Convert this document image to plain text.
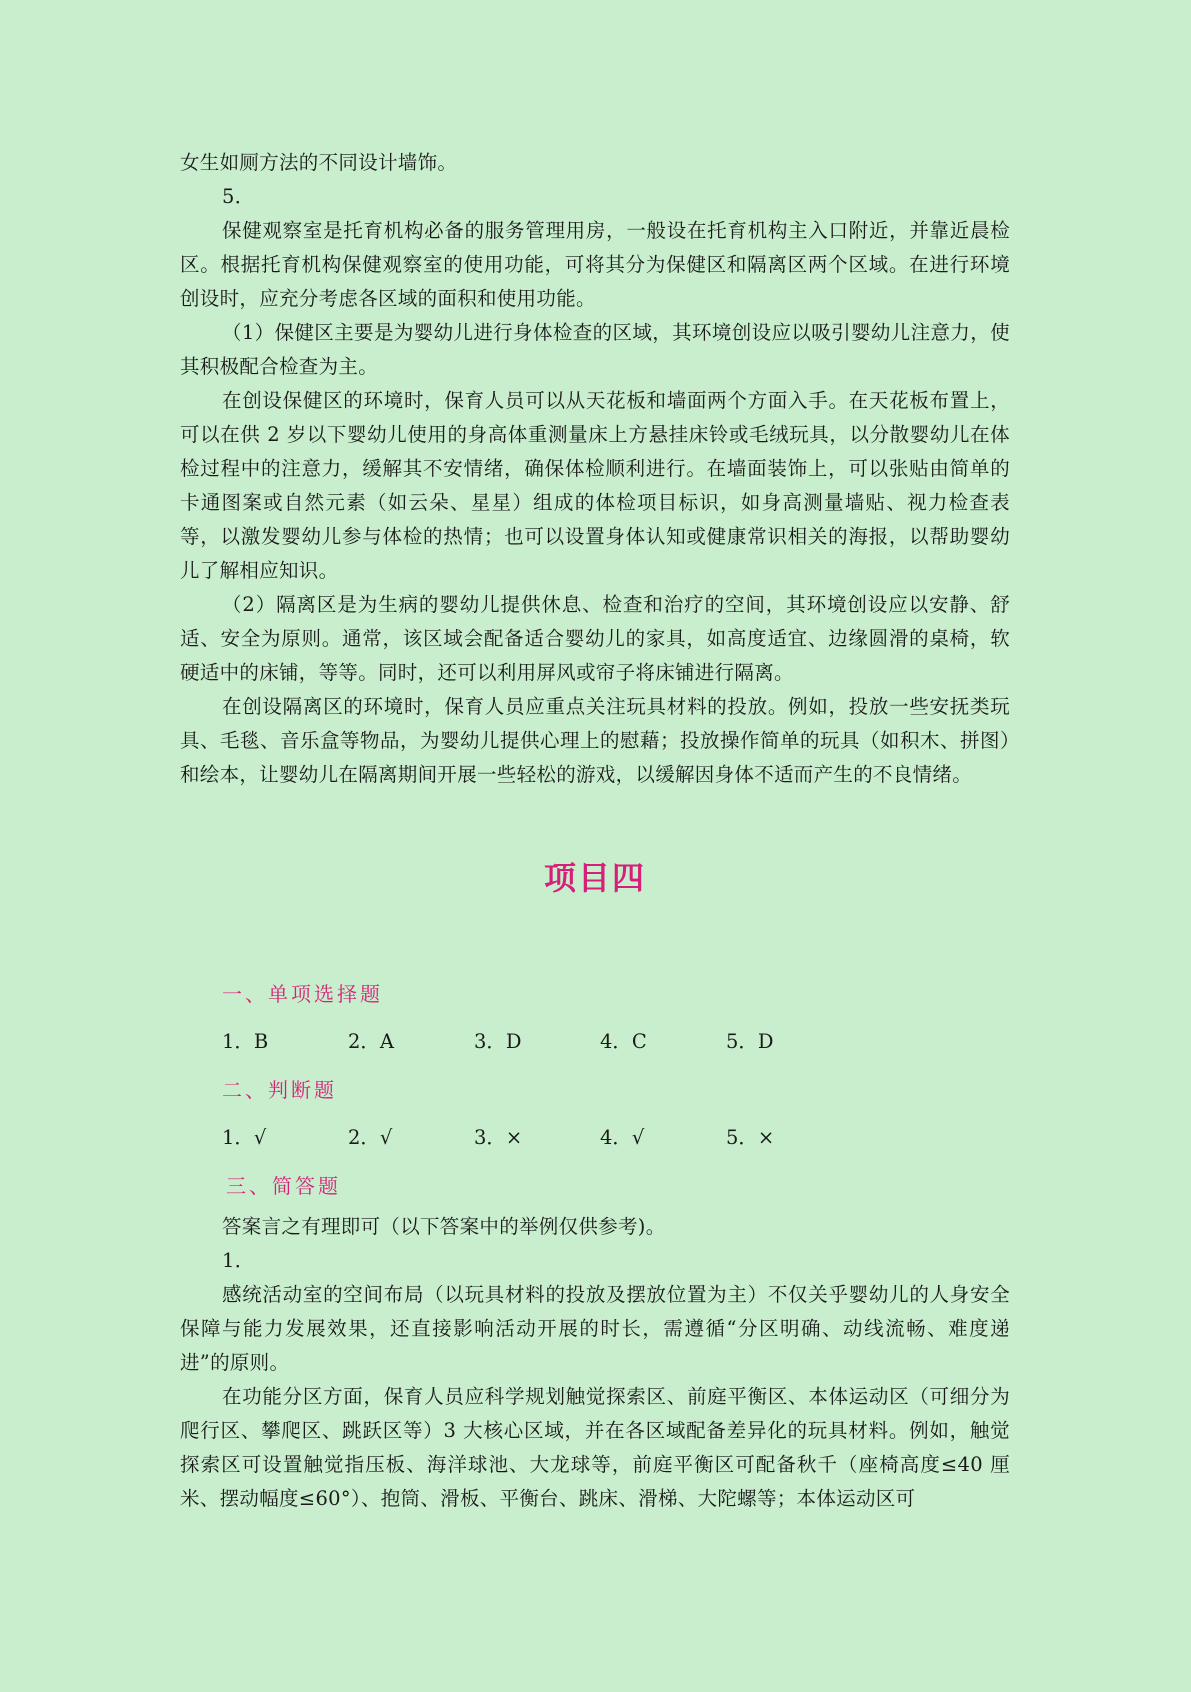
女生如厕方法的不同设计墙饰。

5．

保健观察室是托育机构必备的服务管理用房，一般设在托育机构主入口附近，并靠近晨检区。根据托育机构保健观察室的使用功能，可将其分为保健区和隔离区两个区域。在进行环境创设时，应充分考虑各区域的面积和使用功能。

（1）保健区主要是为婴幼儿进行身体检查的区域，其环境创设应以吸引婴幼儿注意力，使其积极配合检查为主。

在创设保健区的环境时，保育人员可以从天花板和墙面两个方面入手。在天花板布置上，可以在供 2 岁以下婴幼儿使用的身高体重测量床上方悬挂床铃或毛绒玩具，以分散婴幼儿在体检过程中的注意力，缓解其不安情绪，确保体检顺利进行。在墙面装饰上，可以张贴由简单的卡通图案或自然元素（如云朵、星星）组成的体检项目标识，如身高测量墙贴、视力检查表等，以激发婴幼儿参与体检的热情；也可以设置身体认知或健康常识相关的海报，以帮助婴幼儿了解相应知识。

（2）隔离区是为生病的婴幼儿提供休息、检查和治疗的空间，其环境创设应以安静、舒适、安全为原则。通常，该区域会配备适合婴幼儿的家具，如高度适宜、边缘圆滑的桌椅，软硬适中的床铺，等等。同时，还可以利用屏风或帘子将床铺进行隔离。

在创设隔离区的环境时，保育人员应重点关注玩具材料的投放。例如，投放一些安抚类玩具、毛毯、音乐盒等物品，为婴幼儿提供心理上的慰藉；投放操作简单的玩具（如积木、拼图）和绘本，让婴幼儿在隔离期间开展一些轻松的游戏，以缓解因身体不适而产生的不良情绪。

项目四
一、单项选择题
1．B	2．A	3．D	4．C	5．D
二、判断题
1．√	2．√	3．×	4．√	5．×
三、简答题

答案言之有理即可（以下答案中的举例仅供参考)。

1．

感统活动室的空间布局（以玩具材料的投放及摆放位置为主）不仅关乎婴幼儿的人身安全保障与能力发展效果，还直接影响活动开展的时长，需遵循“分区明确、动线流畅、难度递进”的原则。

在功能分区方面，保育人员应科学规划触觉探索区、前庭平衡区、本体运动区（可细分为爬行区、攀爬区、跳跃区等）3 大核心区域，并在各区域配备差异化的玩具材料。例如，触觉探索区可设置触觉指压板、海洋球池、大龙球等，前庭平衡区可配备秋千（座椅高度≤40 厘米、摆动幅度≤60°）、抱筒、滑板、平衡台、跳床、滑梯、大陀螺等；本体运动区可
